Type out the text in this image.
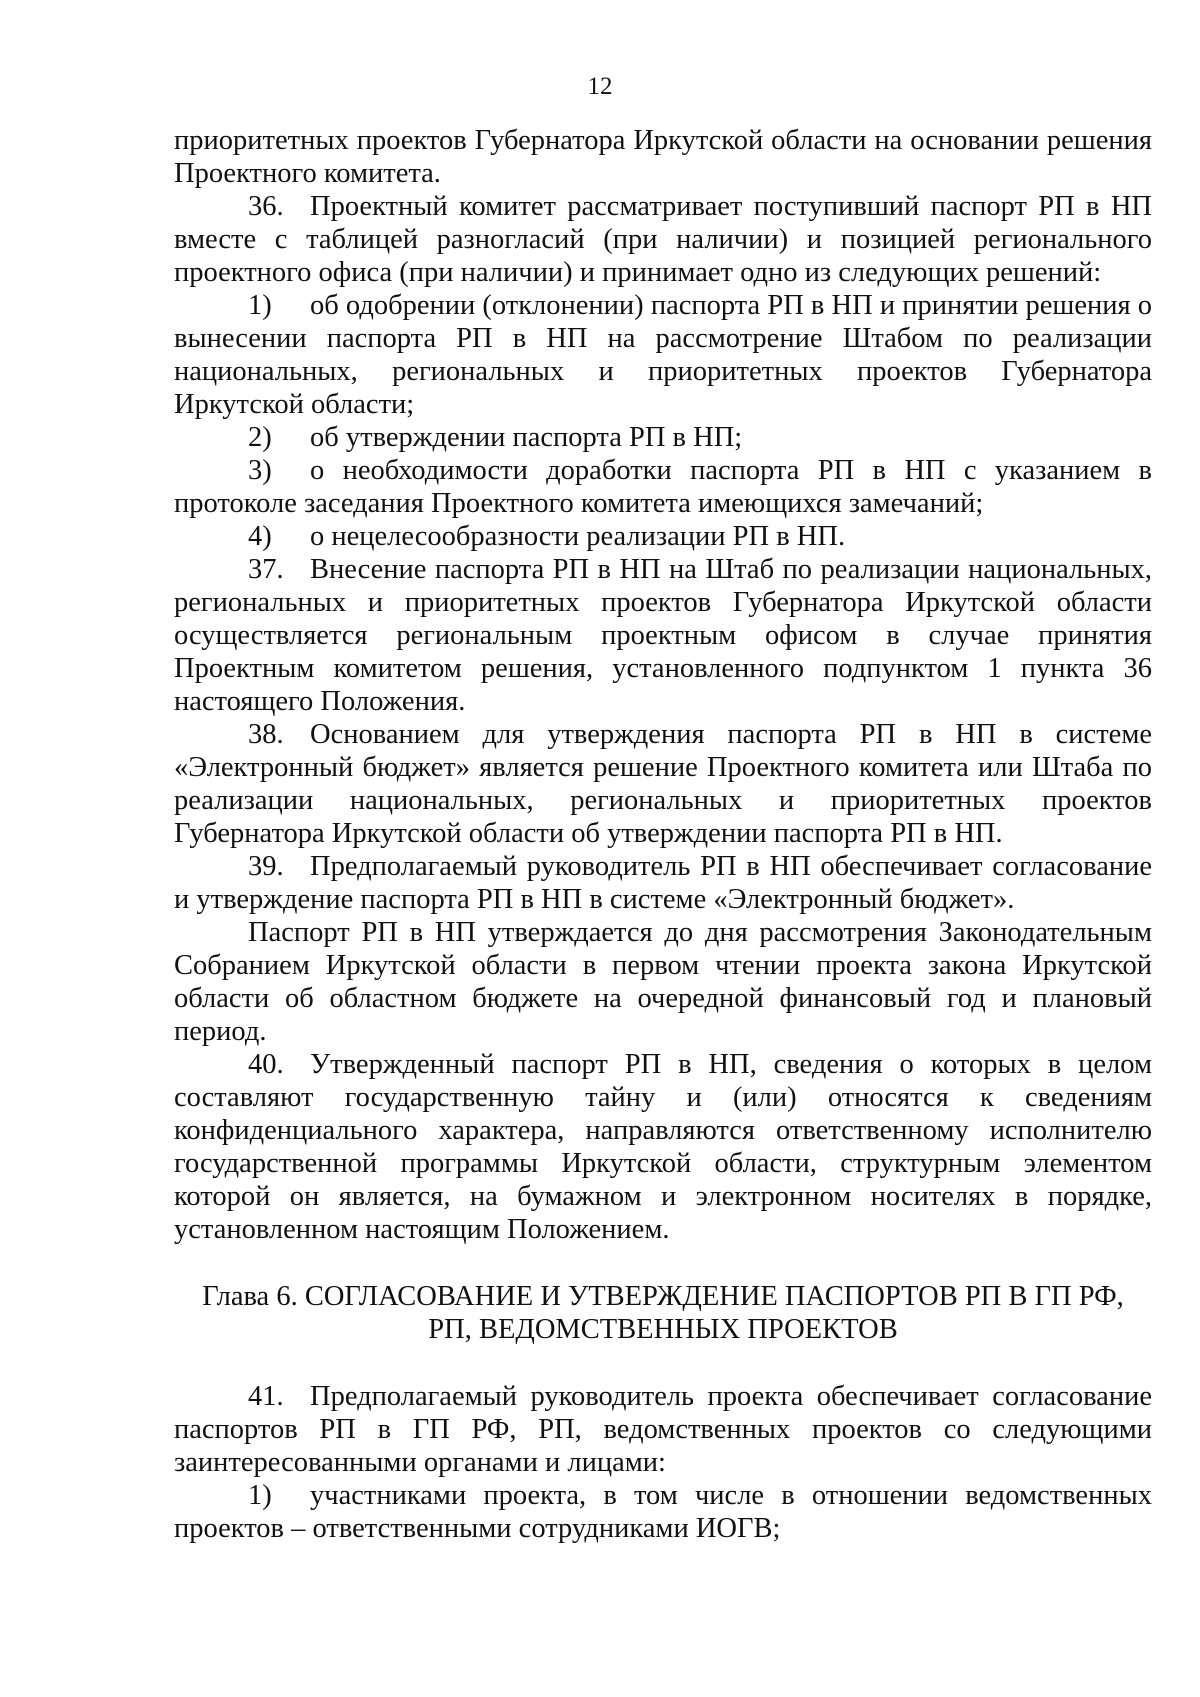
12

приоритетных проектов Губернатора Иркутской области на основании решения Проектного комитета.

36. Проектный комитет рассматривает поступивший паспорт РП в НП вместе с таблицей разногласий (при наличии) и позицией регионального проектного офиса (при наличии) и принимает одно из следующих решений:

1) об одобрении (отклонении) паспорта РП в НП и принятии решения о вынесении паспорта РП в НП на рассмотрение Штабом по реализации национальных, региональных и приоритетных проектов Губернатора Иркутской области;

2) об утверждении паспорта РП в НП;

3) о необходимости доработки паспорта РП в НП с указанием в протоколе заседания Проектного комитета имеющихся замечаний;

4) о нецелесообразности реализации РП в НП.

37. Внесение паспорта РП в НП на Штаб по реализации национальных, региональных и приоритетных проектов Губернатора Иркутской области осуществляется региональным проектным офисом в случае принятия Проектным комитетом решения, установленного подпунктом 1 пункта 36 настоящего Положения.

38. Основанием для утверждения паспорта РП в НП в системе «Электронный бюджет» является решение Проектного комитета или Штаба по реализации национальных, региональных и приоритетных проектов Губернатора Иркутской области об утверждении паспорта РП в НП.

39. Предполагаемый руководитель РП в НП обеспечивает согласование и утверждение паспорта РП в НП в системе «Электронный бюджет».

Паспорт РП в НП утверждается до дня рассмотрения Законодательным Собранием Иркутской области в первом чтении проекта закона Иркутской области об областном бюджете на очередной финансовый год и плановый период.

40. Утвержденный паспорт РП в НП, сведения о которых в целом составляют государственную тайну и (или) относятся к сведениям конфиденциального характера, направляются ответственному исполнителю государственной программы Иркутской области, структурным элементом которой он является, на бумажном и электронном носителях в порядке, установленном настоящим Положением.

Глава 6. СОГЛАСОВАНИЕ И УТВЕРЖДЕНИЕ ПАСПОРТОВ РП В ГП РФ,
РП, ВЕДОМСТВЕННЫХ ПРОЕКТОВ

41. Предполагаемый руководитель проекта обеспечивает согласование паспортов РП в ГП РФ, РП, ведомственных проектов со следующими заинтересованными органами и лицами:

1) участниками проекта, в том числе в отношении ведомственных проектов – ответственными сотрудниками ИОГВ;
